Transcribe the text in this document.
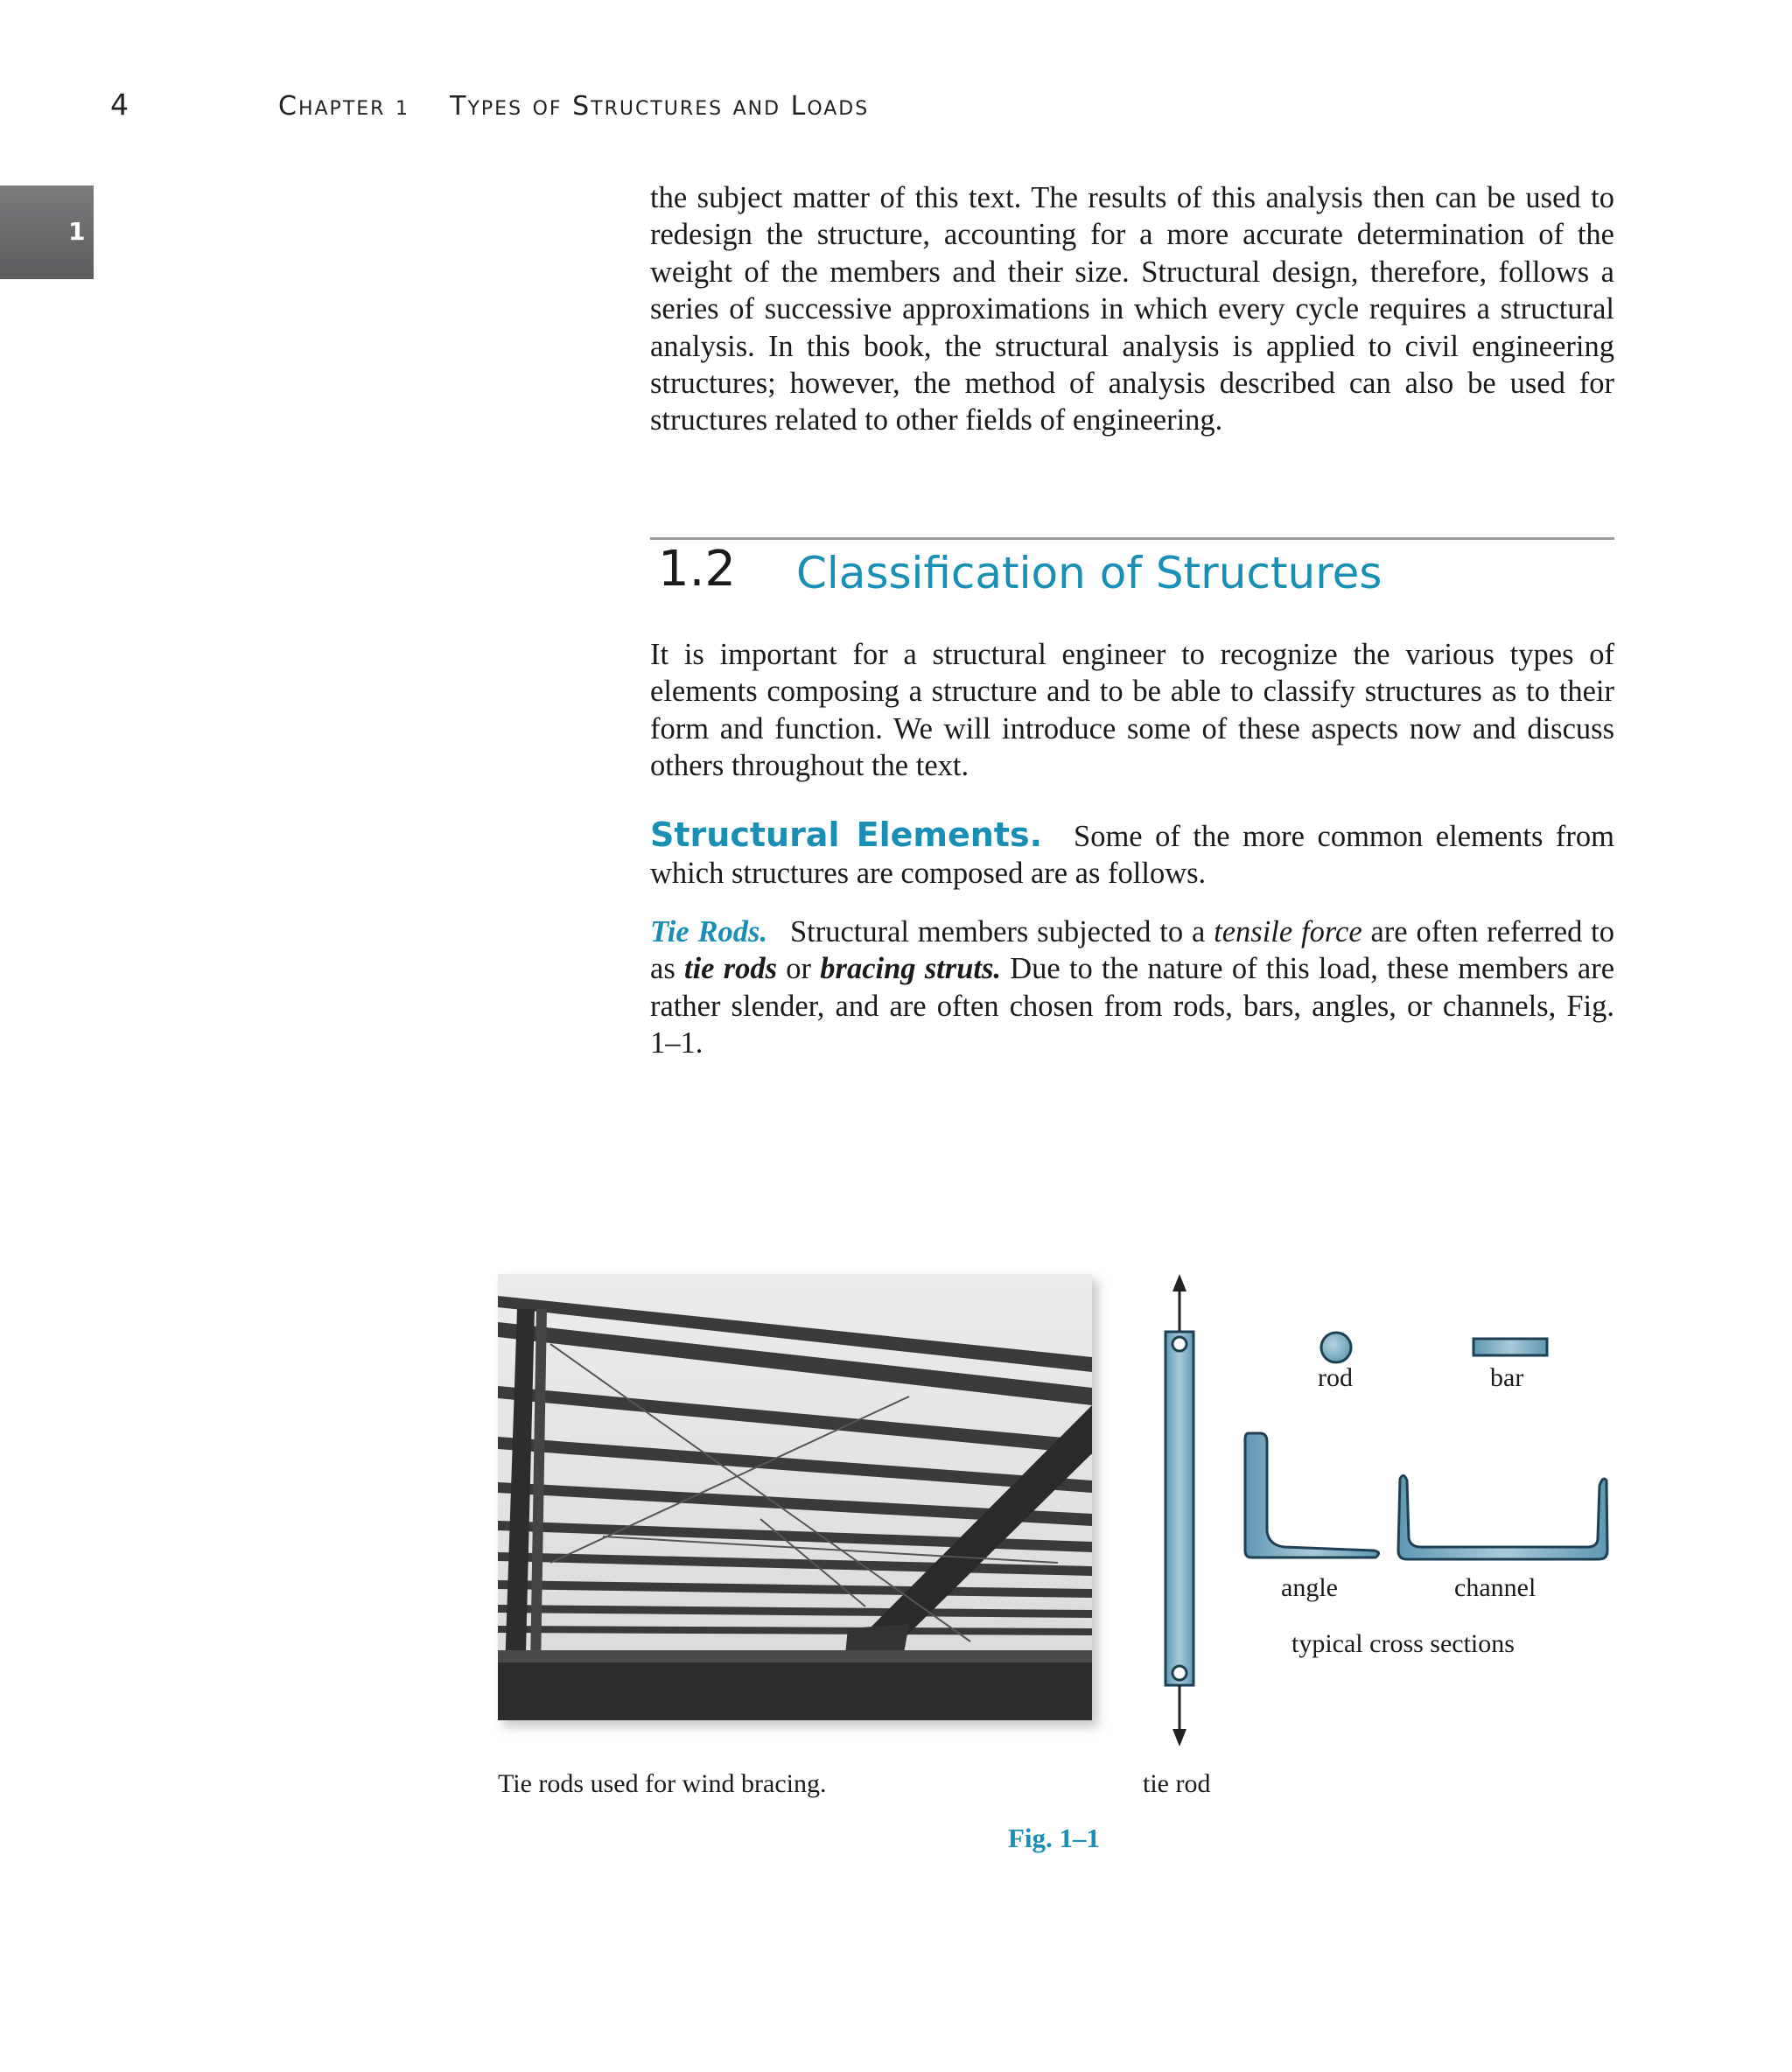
4	CHAPTER 1 TYPES OF STRUCTURES AND LOADS
1

the subject matter of this text. The results of this analysis then can be used to redesign the structure, accounting for a more accurate determination of the weight of the members and their size. Structural design, therefore, follows a series of successive approximations in which every cycle requires a structural analysis. In this book, the structural analysis is applied to civil engineering structures; however, the method of analysis described can also be used for structures related to other fields of engineering.

1.2 Classification of Structures

It is important for a structural engineer to recognize the various types of elements composing a structure and to be able to classify structures as to their form and function. We will introduce some of these aspects now and discuss others throughout the text.

Structural Elements. Some of the more common elements from which structures are composed are as follows.

Tie Rods. Structural members subjected to a tensile force are often referred to as tie rods or bracing struts. Due to the nature of this load, these members are rather slender, and are often chosen from rods, bars, angles, or channels, Fig. 1–1.

rod	bar
angle	channel
typical cross sections
Tie rods used for wind bracing.	tie rod
Fig. 1–1
